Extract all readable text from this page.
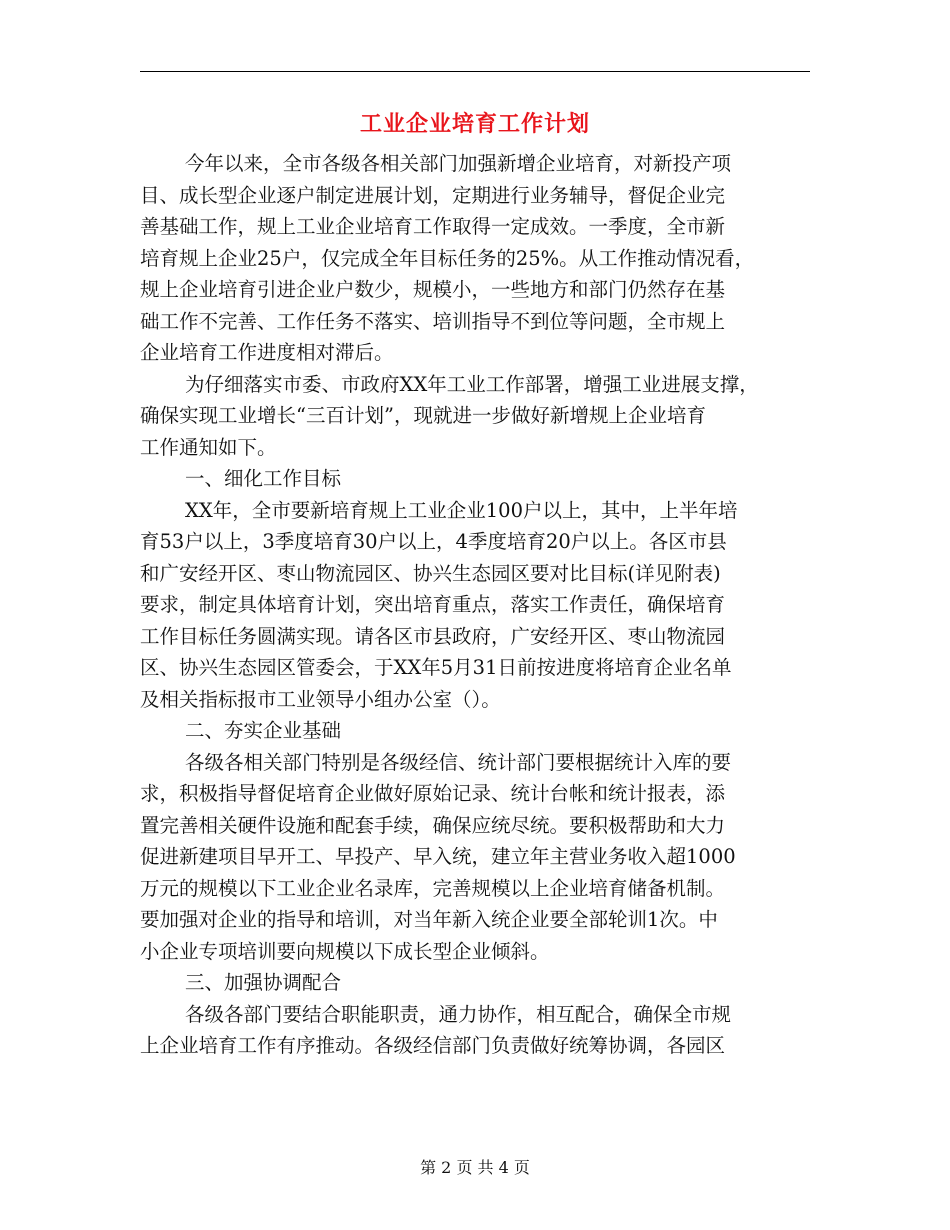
工业企业培育工作计划
今年以来，全市各级各相关部门加强新增企业培育，对新投产项
目、成长型企业逐户制定进展计划，定期进行业务辅导，督促企业完
善基础工作，规上工业企业培育工作取得一定成效。一季度，全市新
培育规上企业25户，仅完成全年目标任务的25%。从工作推动情况看，
规上企业培育引进企业户数少，规模小，一些地方和部门仍然存在基
础工作不完善、工作任务不落实、培训指导不到位等问题，全市规上
企业培育工作进度相对滞后。
为仔细落实市委、市政府XX年工业工作部署，增强工业进展支撑，
确保实现工业增长“三百计划”，现就进一步做好新增规上企业培育
工作通知如下。
一、细化工作目标
XX年，全市要新培育规上工业企业100户以上，其中，上半年培
育53户以上，3季度培育30户以上，4季度培育20户以上。各区市县
和广安经开区、枣山物流园区、协兴生态园区要对比目标(详见附表)
要求，制定具体培育计划，突出培育重点，落实工作责任，确保培育
工作目标任务圆满实现。请各区市县政府，广安经开区、枣山物流园
区、协兴生态园区管委会，于XX年5月31日前按进度将培育企业名单
及相关指标报市工业领导小组办公室（）。
二、夯实企业基础
各级各相关部门特别是各级经信、统计部门要根据统计入库的要
求，积极指导督促培育企业做好原始记录、统计台帐和统计报表，添
置完善相关硬件设施和配套手续，确保应统尽统。要积极帮助和大力
促进新建项目早开工、早投产、早入统，建立年主营业务收入超1000
万元的规模以下工业企业名录库，完善规模以上企业培育储备机制。
要加强对企业的指导和培训，对当年新入统企业要全部轮训1次。中
小企业专项培训要向规模以下成长型企业倾斜。
三、加强协调配合
各级各部门要结合职能职责，通力协作，相互配合，确保全市规
上企业培育工作有序推动。各级经信部门负责做好统筹协调，各园区
第 2 页 共 4 页
